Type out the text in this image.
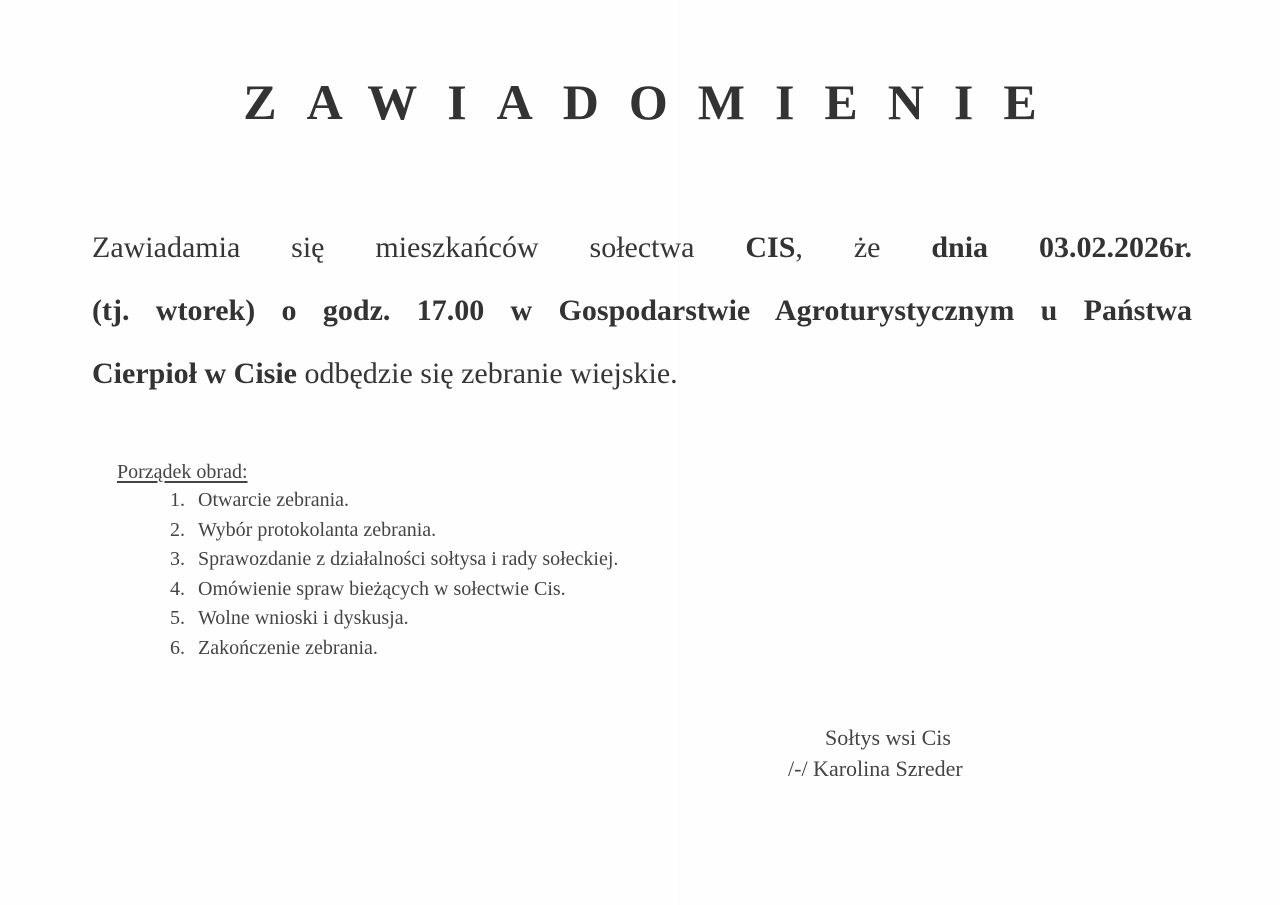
ZAWIADOMIENIE
Zawiadamia się mieszkańców sołectwa CIS, że dnia 03.02.2026r.
(tj. wtorek) o godz. 17.00 w Gospodarstwie Agroturystycznym u Państwa
Cierpioł w Cisie odbędzie się zebranie wiejskie.
Porządek obrad:
1. Otwarcie zebrania.
2. Wybór protokolanta zebrania.
3. Sprawozdanie z działalności sołtysa i rady sołeckiej.
4. Omówienie spraw bieżących w sołectwie Cis.
5. Wolne wnioski i dyskusja.
6. Zakończenie zebrania.
Sołtys wsi Cis
/-/ Karolina Szreder
